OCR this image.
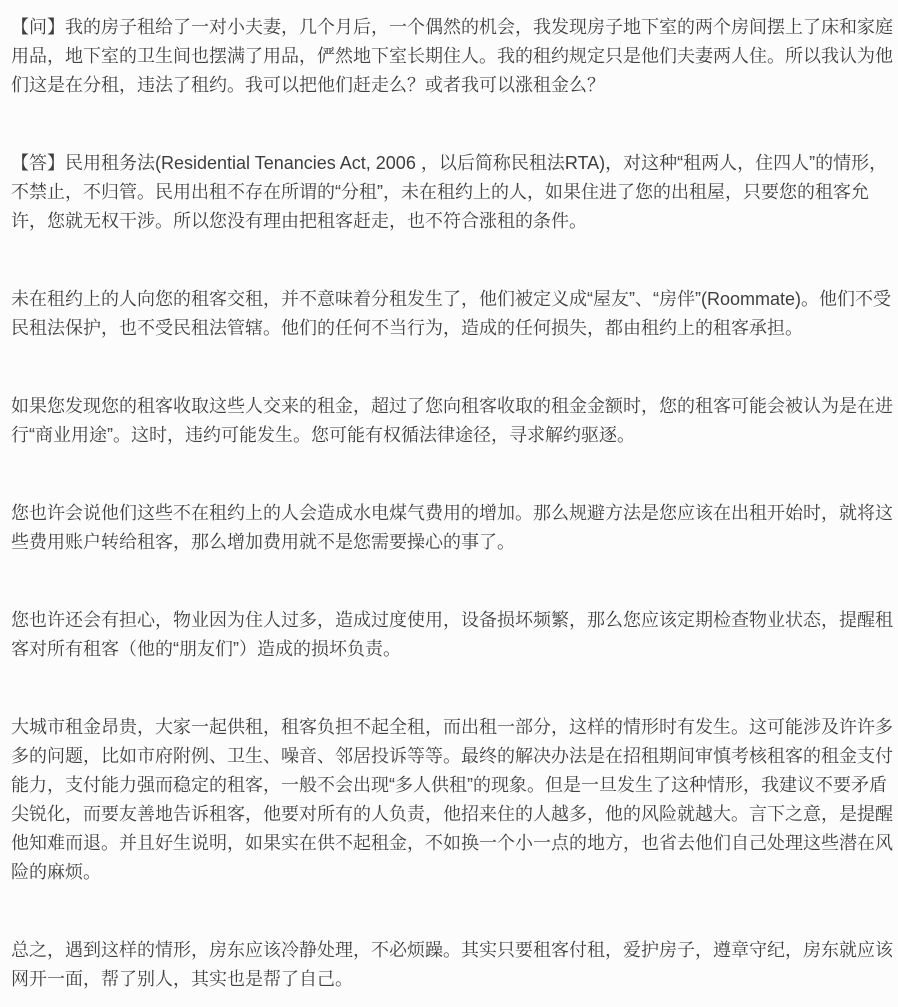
【问】我的房子租给了一对小夫妻，几个月后，一个偶然的机会，我发现房子地下室的两个房间摆上了床和家庭用品，地下室的卫生间也摆满了用品，俨然地下室长期住人。我的租约规定只是他们夫妻两人住。所以我认为他们这是在分租，违法了租约。我可以把他们赶走么？或者我可以涨租金么？

【答】民用租务法(Residential Tenancies Act, 2006 ，以后简称民租法RTA)，对这种“租两人，住四人”的情形，不禁止，不归管。民用出租不存在所谓的“分租”，未在租约上的人，如果住进了您的出租屋，只要您的租客允许，您就无权干涉。所以您没有理由把租客赶走，也不符合涨租的条件。

未在租约上的人向您的租客交租，并不意味着分租发生了，他们被定义成“屋友”、“房伴”(Roommate)。他们不受民租法保护，也不受民租法管辖。他们的任何不当行为，造成的任何损失，都由租约上的租客承担。

如果您发现您的租客收取这些人交来的租金，超过了您向租客收取的租金金额时，您的租客可能会被认为是在进行“商业用途”。这时，违约可能发生。您可能有权循法律途径，寻求解约驱逐。

您也许会说他们这些不在租约上的人会造成水电煤气费用的增加。那么规避方法是您应该在出租开始时，就将这些费用账户转给租客，那么增加费用就不是您需要操心的事了。

您也许还会有担心，物业因为住人过多，造成过度使用，设备损坏频繁，那么您应该定期检查物业状态，提醒租客对所有租客（他的“朋友们”）造成的损坏负责。

大城市租金昂贵，大家一起供租，租客负担不起全租，而出租一部分，这样的情形时有发生。这可能涉及许许多多的问题，比如市府附例、卫生、噪音、邻居投诉等等。最终的解决办法是在招租期间审慎考核租客的租金支付能力，支付能力强而稳定的租客，一般不会出现“多人供租”的现象。但是一旦发生了这种情形，我建议不要矛盾尖锐化，而要友善地告诉租客，他要对所有的人负责，他招来住的人越多，他的风险就越大。言下之意，是提醒他知难而退。并且好生说明，如果实在供不起租金，不如换一个小一点的地方，也省去他们自己处理这些潜在风险的麻烦。

总之，遇到这样的情形，房东应该冷静处理，不必烦躁。其实只要租客付租，爱护房子，遵章守纪，房东就应该网开一面，帮了别人，其实也是帮了自己。
